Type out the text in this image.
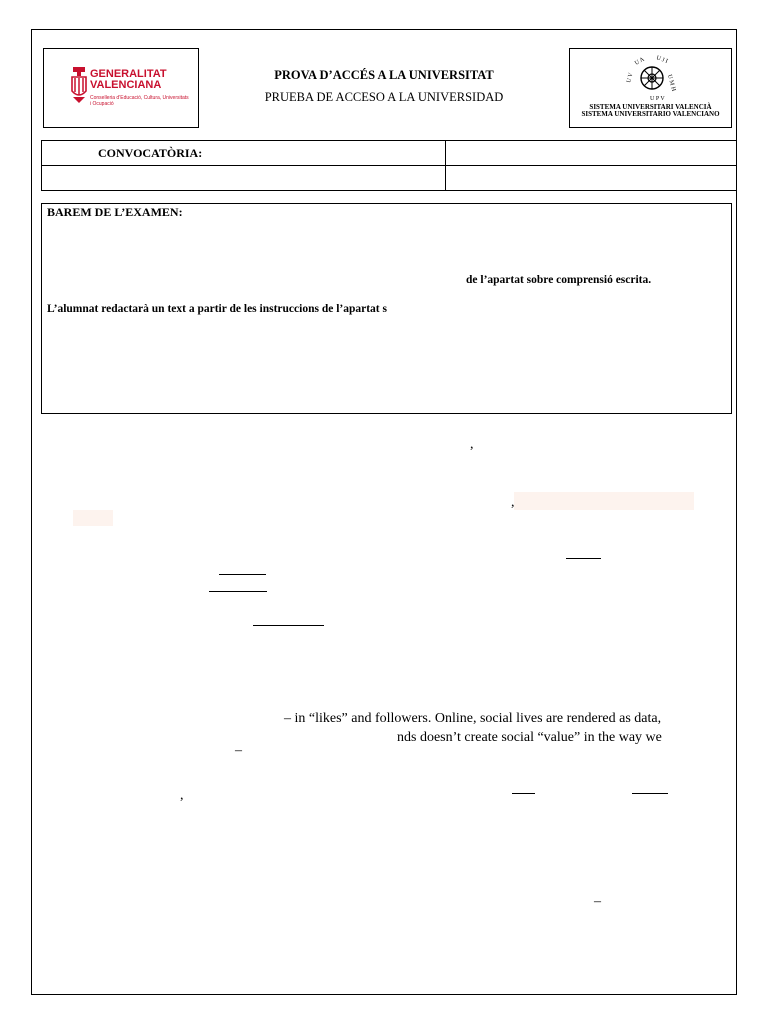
GENERALITAT
VALENCIANA
Conselleria d’Educació, Cultura, Universitats i Ocupació
PROVA D’ACCÉS A LA UNIVERSITAT
PRUEBA DE ACCESO A LA UNIVERSIDAD
U A U J I
U M H
U V
U P V
SISTEMA UNIVERSITARI VALENCIÀ
SISTEMA UNIVERSITARIO VALENCIANO
CONVOCATÒRIA:	

BAREM DE L’EXAMEN:
de l’apartat sobre comprensió escrita.
L’alumnat redactarà un text a partir de les instruccions de l’apartat s
,
,
– in “likes” and followers. Online, social lives are rendered as data,
nds doesn’t create social “value” in the way we
–
,
–
